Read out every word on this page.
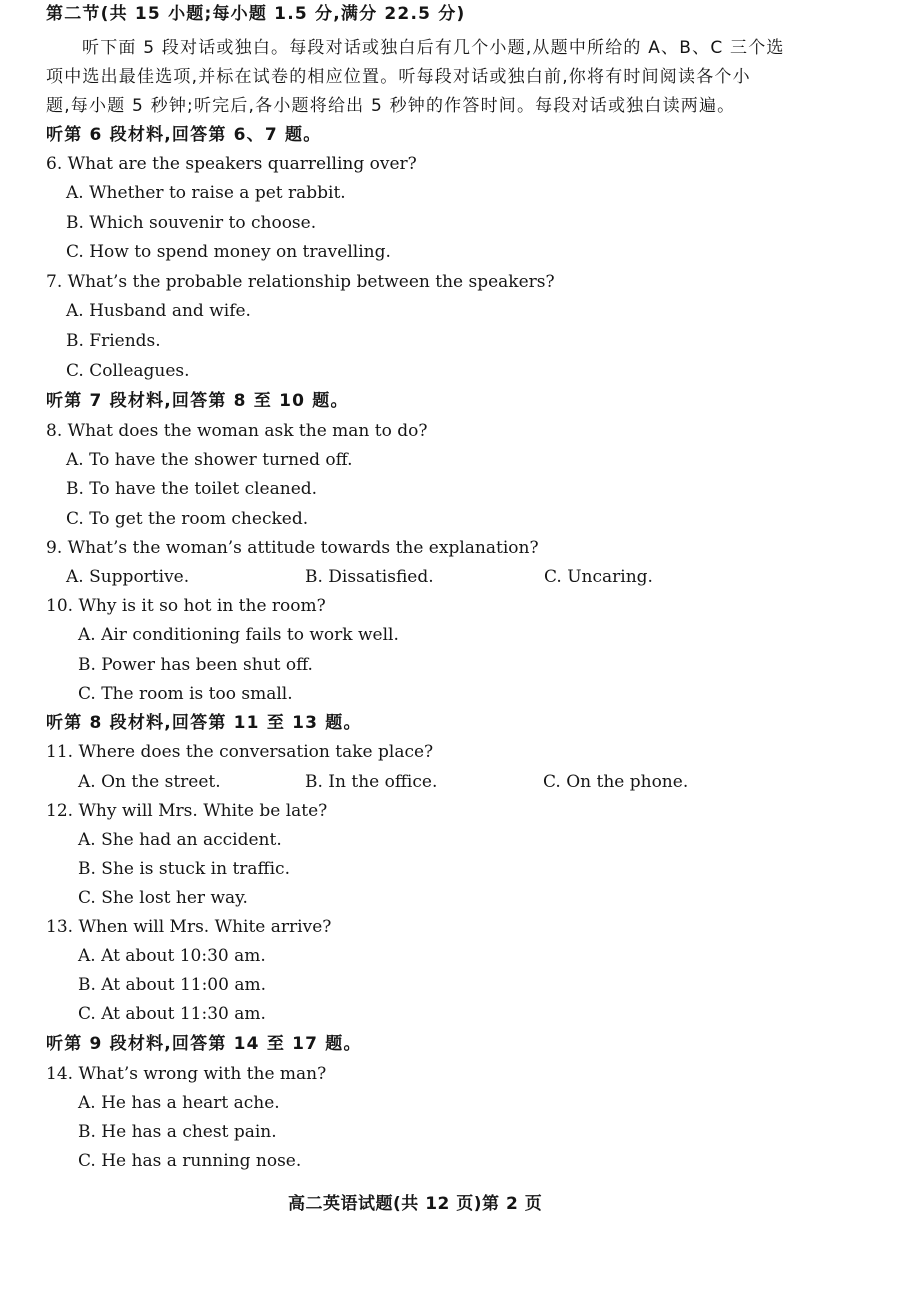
第二节(共 15 小题;每小题 1.5 分,满分 22.5 分)
听下面 5 段对话或独白。每段对话或独白后有几个小题,从题中所给的 A、B、C 三个选
项中选出最佳选项,并标在试卷的相应位置。听每段对话或独白前,你将有时间阅读各个小
题,每小题 5 秒钟;听完后,各小题将给出 5 秒钟的作答时间。每段对话或独白读两遍。
听第 6 段材料,回答第 6、7 题。
6. What are the speakers quarrelling over?
A. Whether to raise a pet rabbit.
B. Which souvenir to choose.
C. How to spend money on travelling.
7. What’s the probable relationship between the speakers?
A. Husband and wife.
B. Friends.
C. Colleagues.
听第 7 段材料,回答第 8 至 10 题。
8. What does the woman ask the man to do?
A. To have the shower turned off.
B. To have the toilet cleaned.
C. To get the room checked.
9. What’s the woman’s attitude towards the explanation?
A. Supportive.	B. Dissatisfied.	C. Uncaring.
10. Why is it so hot in the room?
A. Air conditioning fails to work well.
B. Power has been shut off.
C. The room is too small.
听第 8 段材料,回答第 11 至 13 题。
11. Where does the conversation take place?
A. On the street.	B. In the office.	C. On the phone.
12. Why will Mrs. White be late?
A. She had an accident.
B. She is stuck in traffic.
C. She lost her way.
13. When will Mrs. White arrive?
A. At about 10:30 am.
B. At about 11:00 am.
C. At about 11:30 am.
听第 9 段材料,回答第 14 至 17 题。
14. What’s wrong with the man?
A. He has a heart ache.
B. He has a chest pain.
C. He has a running nose.
高二英语试题(共 12 页)第 2 页
